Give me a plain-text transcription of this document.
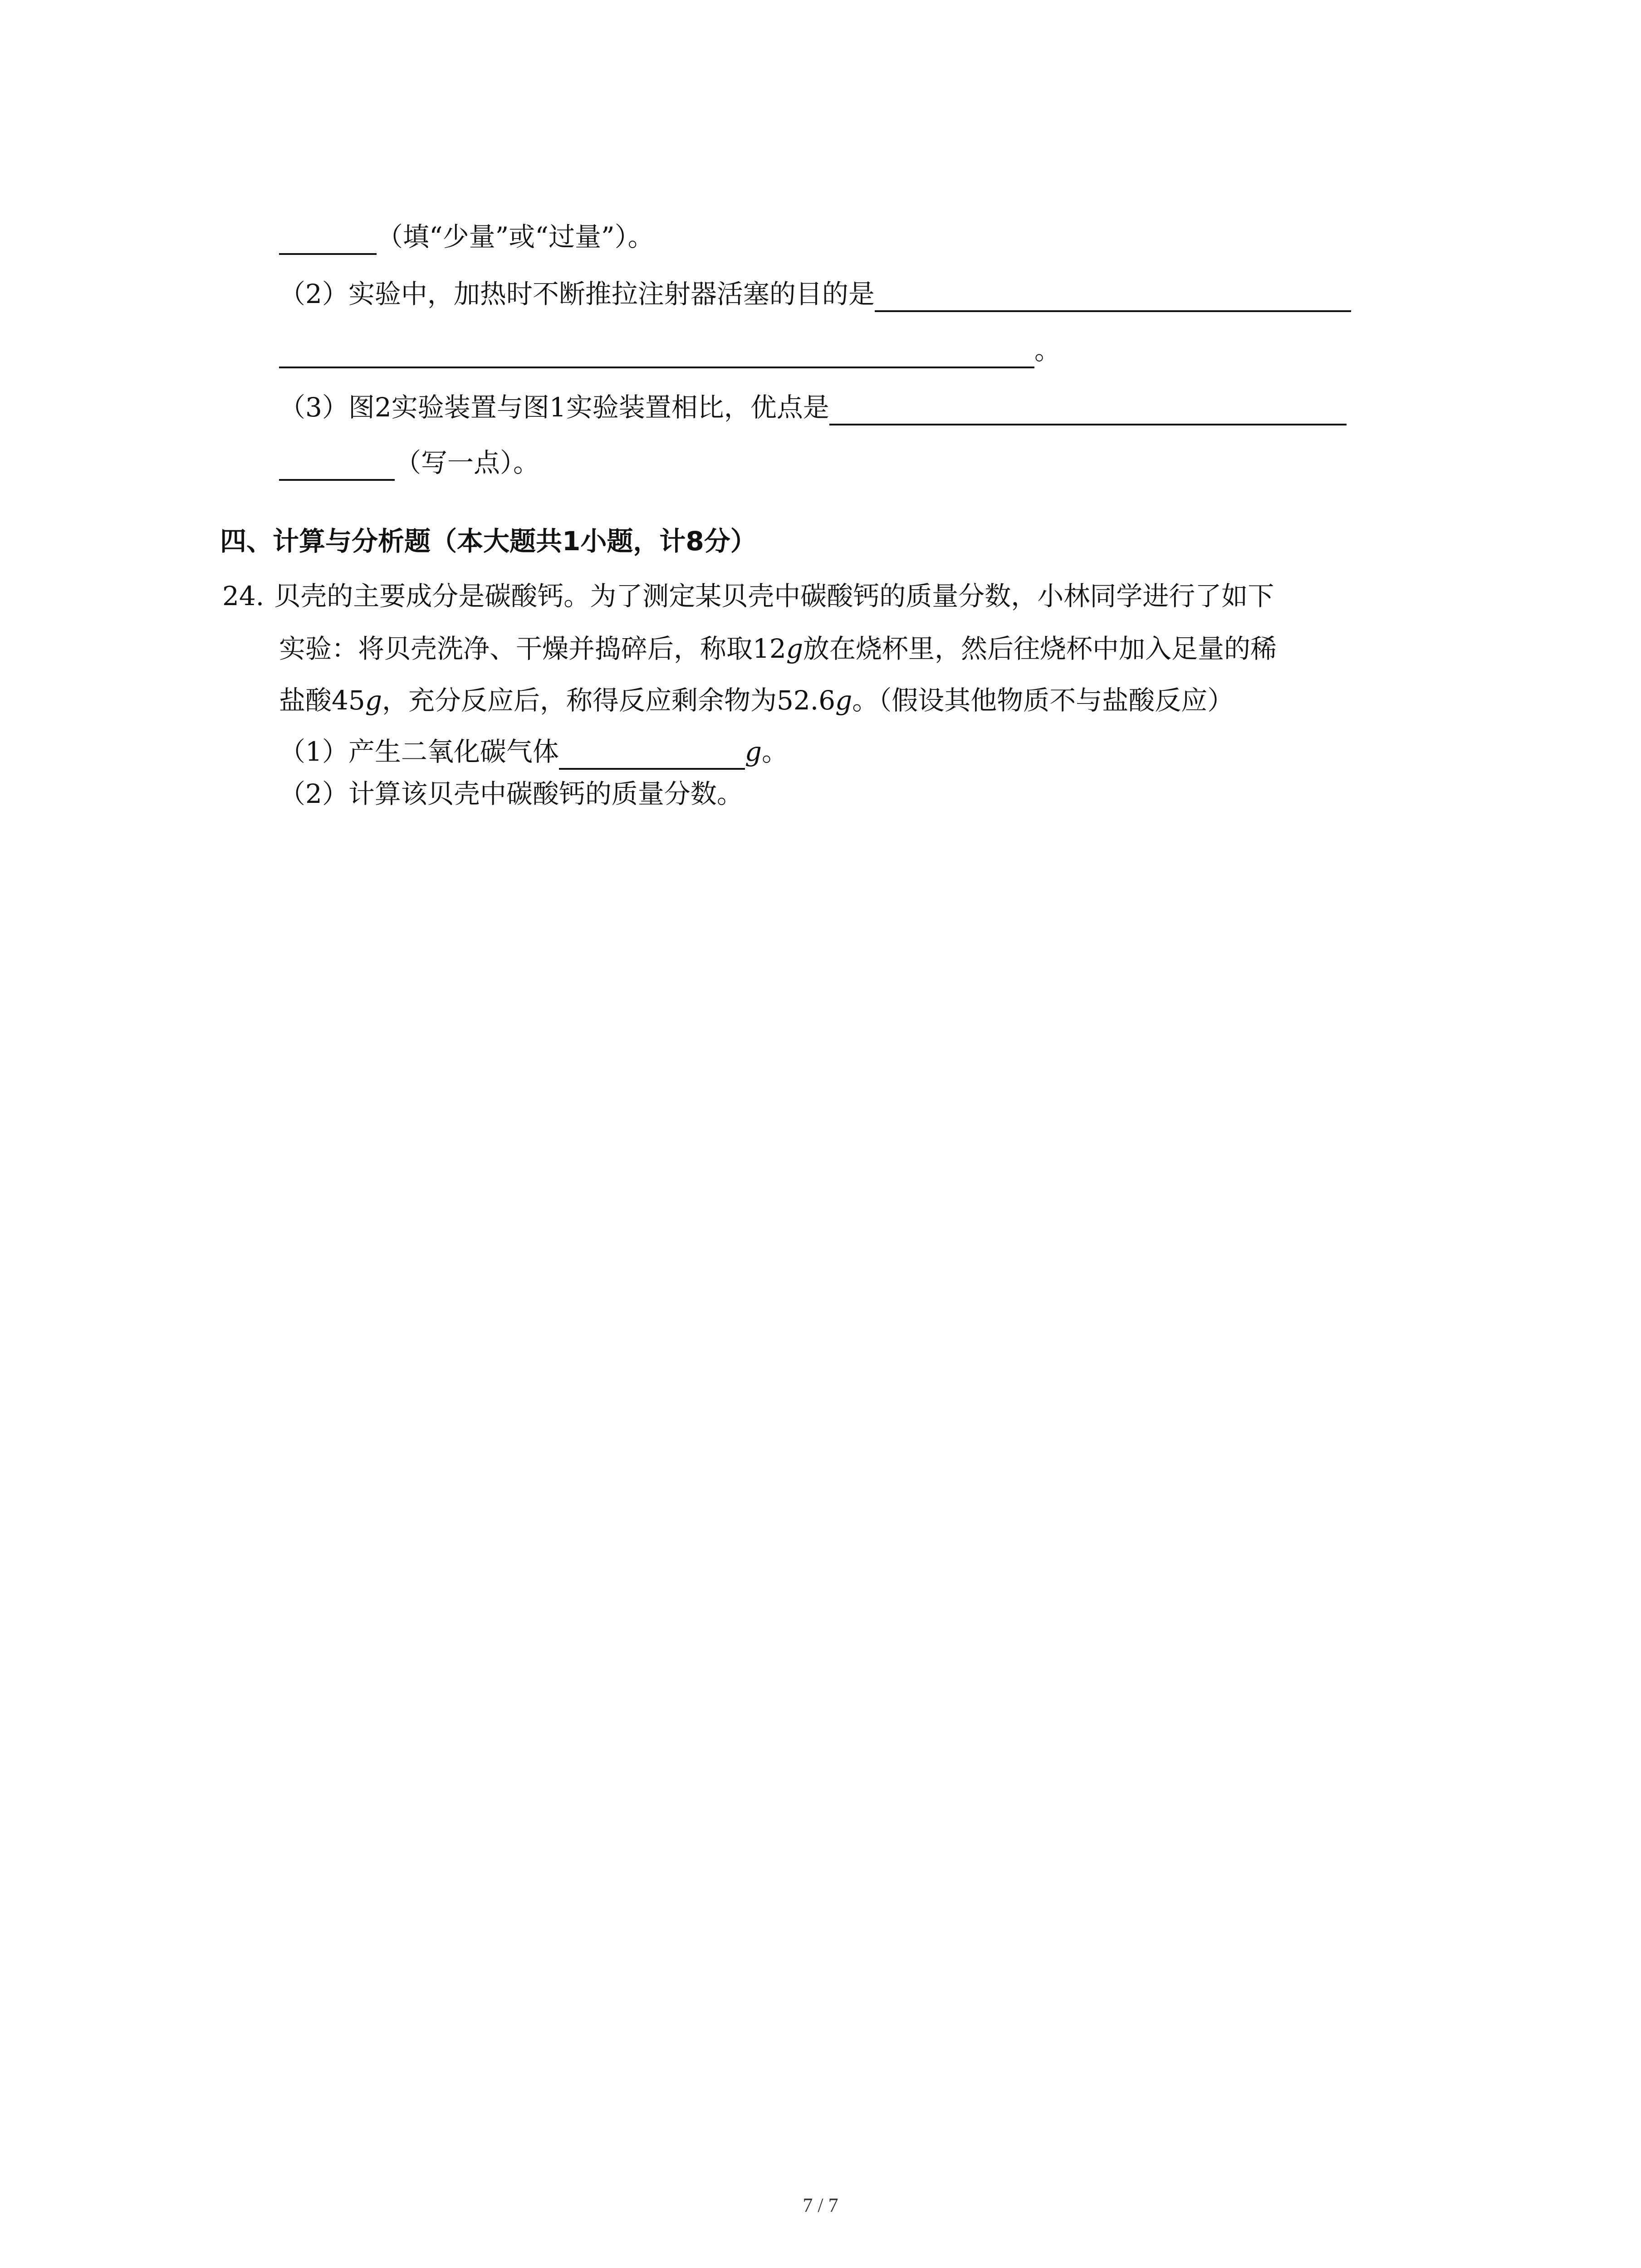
（填“少量”或“过量”）。
（2）实验中，加热时不断推拉注射器活塞的目的是
。
（3）图2实验装置与图1实验装置相比，优点是
（写一点）。
四、计算与分析题（本大题共1小题，计8分）
24. 贝壳的主要成分是碳酸钙。为了测定某贝壳中碳酸钙的质量分数，小林同学进行了如下
实验：将贝壳洗净、干燥并捣碎后，称取12 g 放在烧杯里，然后往烧杯中加入足量的稀
盐酸45 g ，充分反应后，称得反应剩余物为52.6 g 。（假设其他物质不与盐酸反应）
（1）产生二氧化碳气体	g 。
（2）计算该贝壳中碳酸钙的质量分数。
7 / 7
